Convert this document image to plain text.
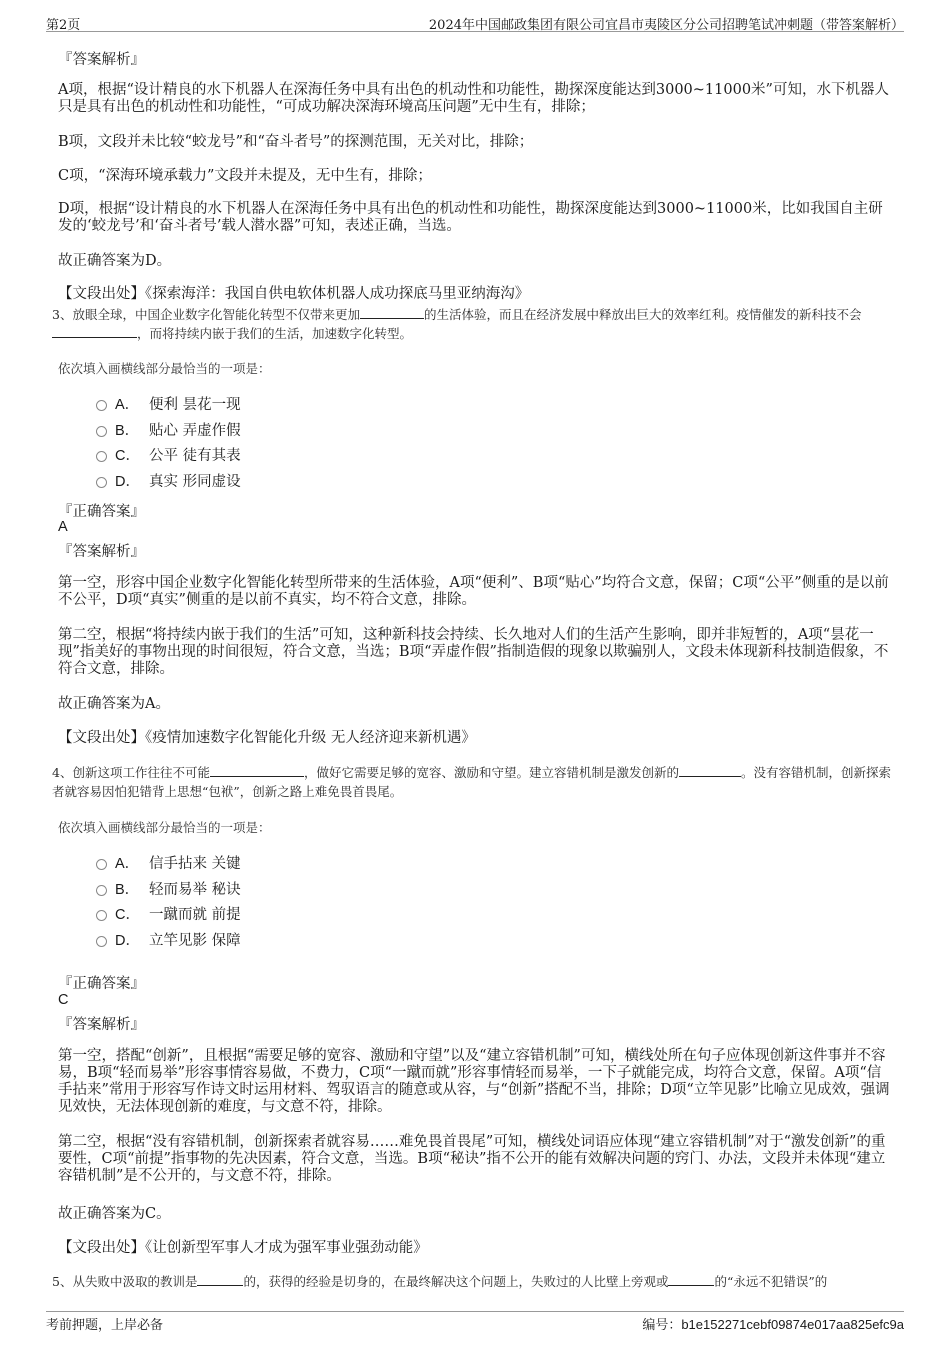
第2页	2024年中国邮政集团有限公司宜昌市夷陵区分公司招聘笔试冲刺题（带答案解析）
『答案解析』
A项，根据“设计精良的水下机器人在深海任务中具有出色的机动性和功能性，勘探深度能达到3000~11000米”可知，水下机器人只是具有出色的机动性和功能性，“可成功解决深海环境高压问题”无中生有，排除；
B项，文段并未比较“蛟龙号”和“奋斗者号”的探测范围，无关对比，排除；
C项，“深海环境承载力”文段并未提及，无中生有，排除；
D项，根据“设计精良的水下机器人在深海任务中具有出色的机动性和功能性，勘探深度能达到3000~11000米，比如我国自主研发的‘蛟龙号’和‘奋斗者号’载人潜水器”可知，表述正确，当选。
故正确答案为D。
【文段出处】《探索海洋：我国自供电软体机器人成功探底马里亚纳海沟》
3、放眼全球，中国企业数字化智能化转型不仅带来更加	的生活体验，而且在经济发展中释放出巨大的效率红利。疫情催发的新科技不会，而将持续内嵌于我们的生活，加速数字化转型。
依次填入画横线部分最恰当的一项是：
A． 便利 昙花一现
B． 贴心 弄虚作假
C． 公平 徒有其表
D． 真实 形同虚设
『正确答案』
A
『答案解析』
第一空，形容中国企业数字化智能化转型所带来的生活体验，A项“便利”、B项“贴心”均符合文意，保留；C项“公平”侧重的是以前不公平，D项“真实”侧重的是以前不真实，均不符合文意，排除。
第二空，根据“将持续内嵌于我们的生活”可知，这种新科技会持续、长久地对人们的生活产生影响，即并非短暂的，A项“昙花一现”指美好的事物出现的时间很短，符合文意，当选；B项“弄虚作假”指制造假的现象以欺骗别人，文段未体现新科技制造假象，不符合文意，排除。
故正确答案为A。
【文段出处】《疫情加速数字化智能化升级 无人经济迎来新机遇》
4、创新这项工作往往不可能	，做好它需要足够的宽容、激励和守望。建立容错机制是激发创新的	。没有容错机制，创新探索者就容易因怕犯错背上思想“包袱”，创新之路上难免畏首畏尾。
依次填入画横线部分最恰当的一项是：
A． 信手拈来 关键
B． 轻而易举 秘诀
C． 一蹴而就 前提
D． 立竿见影 保障
『正确答案』
C
『答案解析』
第一空，搭配“创新”，且根据“需要足够的宽容、激励和守望”以及“建立容错机制”可知，横线处所在句子应体现创新这件事并不容易，B项“轻而易举”形容事情容易做，不费力，C项“一蹴而就”形容事情轻而易举，一下子就能完成，均符合文意，保留。A项“信手拈来”常用于形容写作诗文时运用材料、驾驭语言的随意或从容，与“创新”搭配不当，排除；D项“立竿见影”比喻立见成效，强调见效快，无法体现创新的难度，与文意不符，排除。
第二空，根据“没有容错机制，创新探索者就容易……难免畏首畏尾”可知，横线处词语应体现“建立容错机制”对于“激发创新”的重要性，C项“前提”指事物的先决因素，符合文意，当选。B项“秘诀”指不公开的能有效解决问题的窍门、办法，文段并未体现“建立容错机制”是不公开的，与文意不符，排除。
故正确答案为C。
【文段出处】《让创新型军事人才成为强军事业强劲动能》
5、从失败中汲取的教训是	的，获得的经验是切身的，在最终解决这个问题上，失败过的人比壁上旁观或	的“永远不犯错误”的
考前押题，上岸必备	编号：b1e152271cebf09874e017aa825efc9a
